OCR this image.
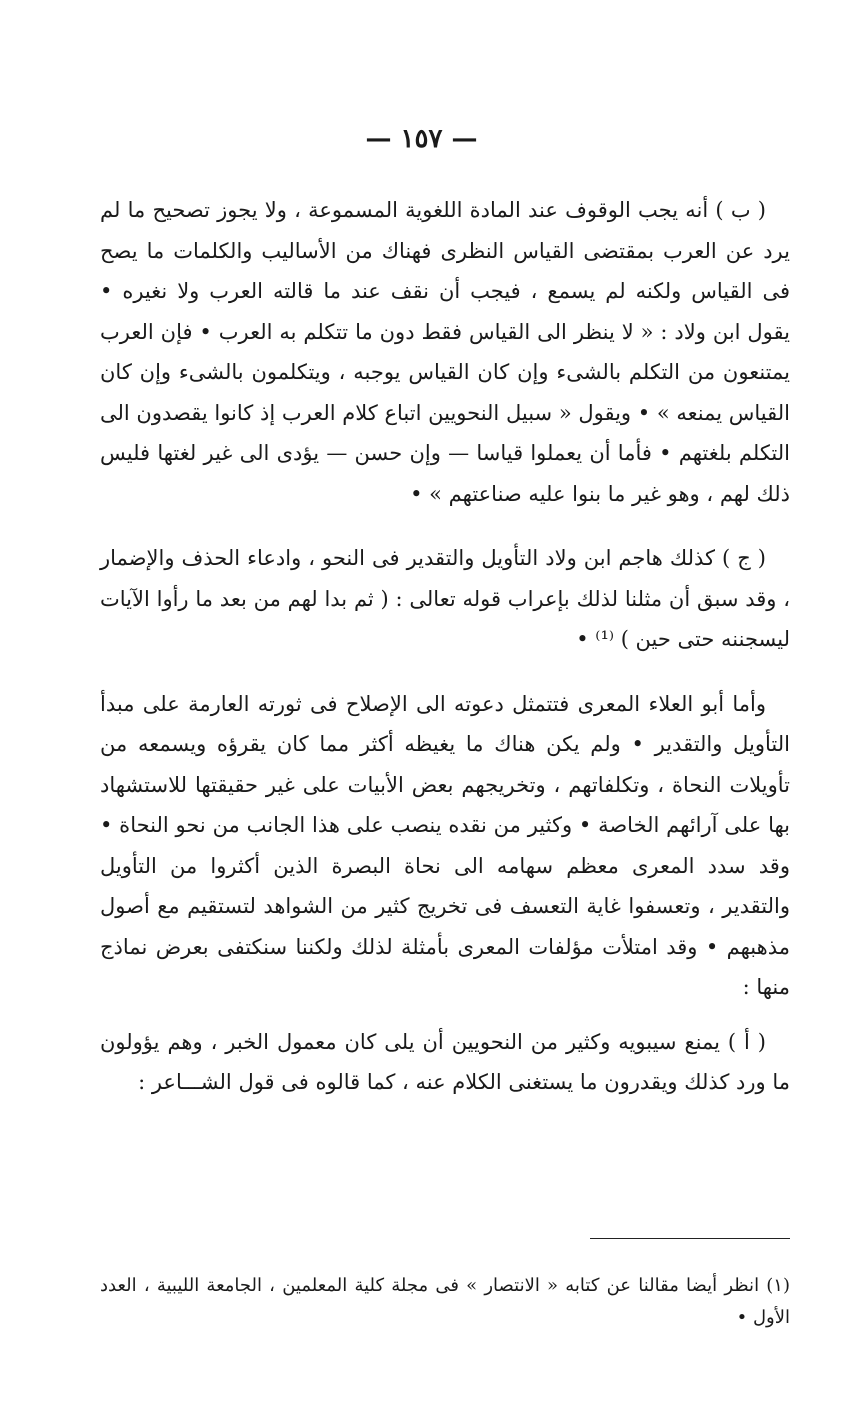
— ١٥٧ —

( ب ) أنه يجب الوقوف عند المادة اللغوية المسموعة ، ولا يجوز تصحيح ما لم يرد عن العرب بمقتضى القياس النظرى فهناك من الأساليب والكلمات ما يصح فى القياس ولكنه لم يسمع ، فيجب أن نقف عند ما قالته العرب ولا نغيره • يقول ابن ولاد : « لا ينظر الى القياس فقط دون ما تتكلم به العرب • فإن العرب يمتنعون من التكلم بالشىء وإن كان القياس يوجبه ، ويتكلمون بالشىء وإن كان القياس يمنعه » • ويقول « سبيل النحويين اتباع كلام العرب إذ كانوا يقصدون الى التكلم بلغتهم • فأما أن يعملوا قياسا — وإن حسن — يؤدى الى غير لغتها فليس ذلك لهم ، وهو غير ما بنوا عليه صناعتهم » •

( ج ) كذلك هاجم ابن ولاد التأويل والتقدير فى النحو ، وادعاء الحذف والإضمار ، وقد سبق أن مثلنا لذلك بإعراب قوله تعالى : ( ثم بدا لهم من بعد ما رأوا الآيات ليسجننه حتى حين ) ⁽¹⁾ •

وأما أبو العلاء المعرى فتتمثل دعوته الى الإصلاح فى ثورته العارمة على مبدأ التأويل والتقدير • ولم يكن هناك ما يغيظه أكثر مما كان يقرؤه ويسمعه من تأويلات النحاة ، وتكلفاتهم ، وتخريجهم بعض الأبيات على غير حقيقتها للاستشهاد بها على آرائهم الخاصة • وكثير من نقده ينصب على هذا الجانب من نحو النحاة • وقد سدد المعرى معظم سهامه الى نحاة البصرة الذين أكثروا من التأويل والتقدير ، وتعسفوا غاية التعسف فى تخريج كثير من الشواهد لتستقيم مع أصول مذهبهم • وقد امتلأت مؤلفات المعرى بأمثلة لذلك ولكننا سنكتفى بعرض نماذج منها :

( أ ) يمنع سيبويه وكثير من النحويين أن يلى كان معمول الخبر ، وهم يؤولون ما ورد كذلك ويقدرون ما يستغنى الكلام عنه ، كما قالوه فى قول الشـــاعر :

(١) انظر أيضا مقالنا عن كتابه « الانتصار » فى مجلة كلية المعلمين ، الجامعة الليبية ، العدد الأول •
